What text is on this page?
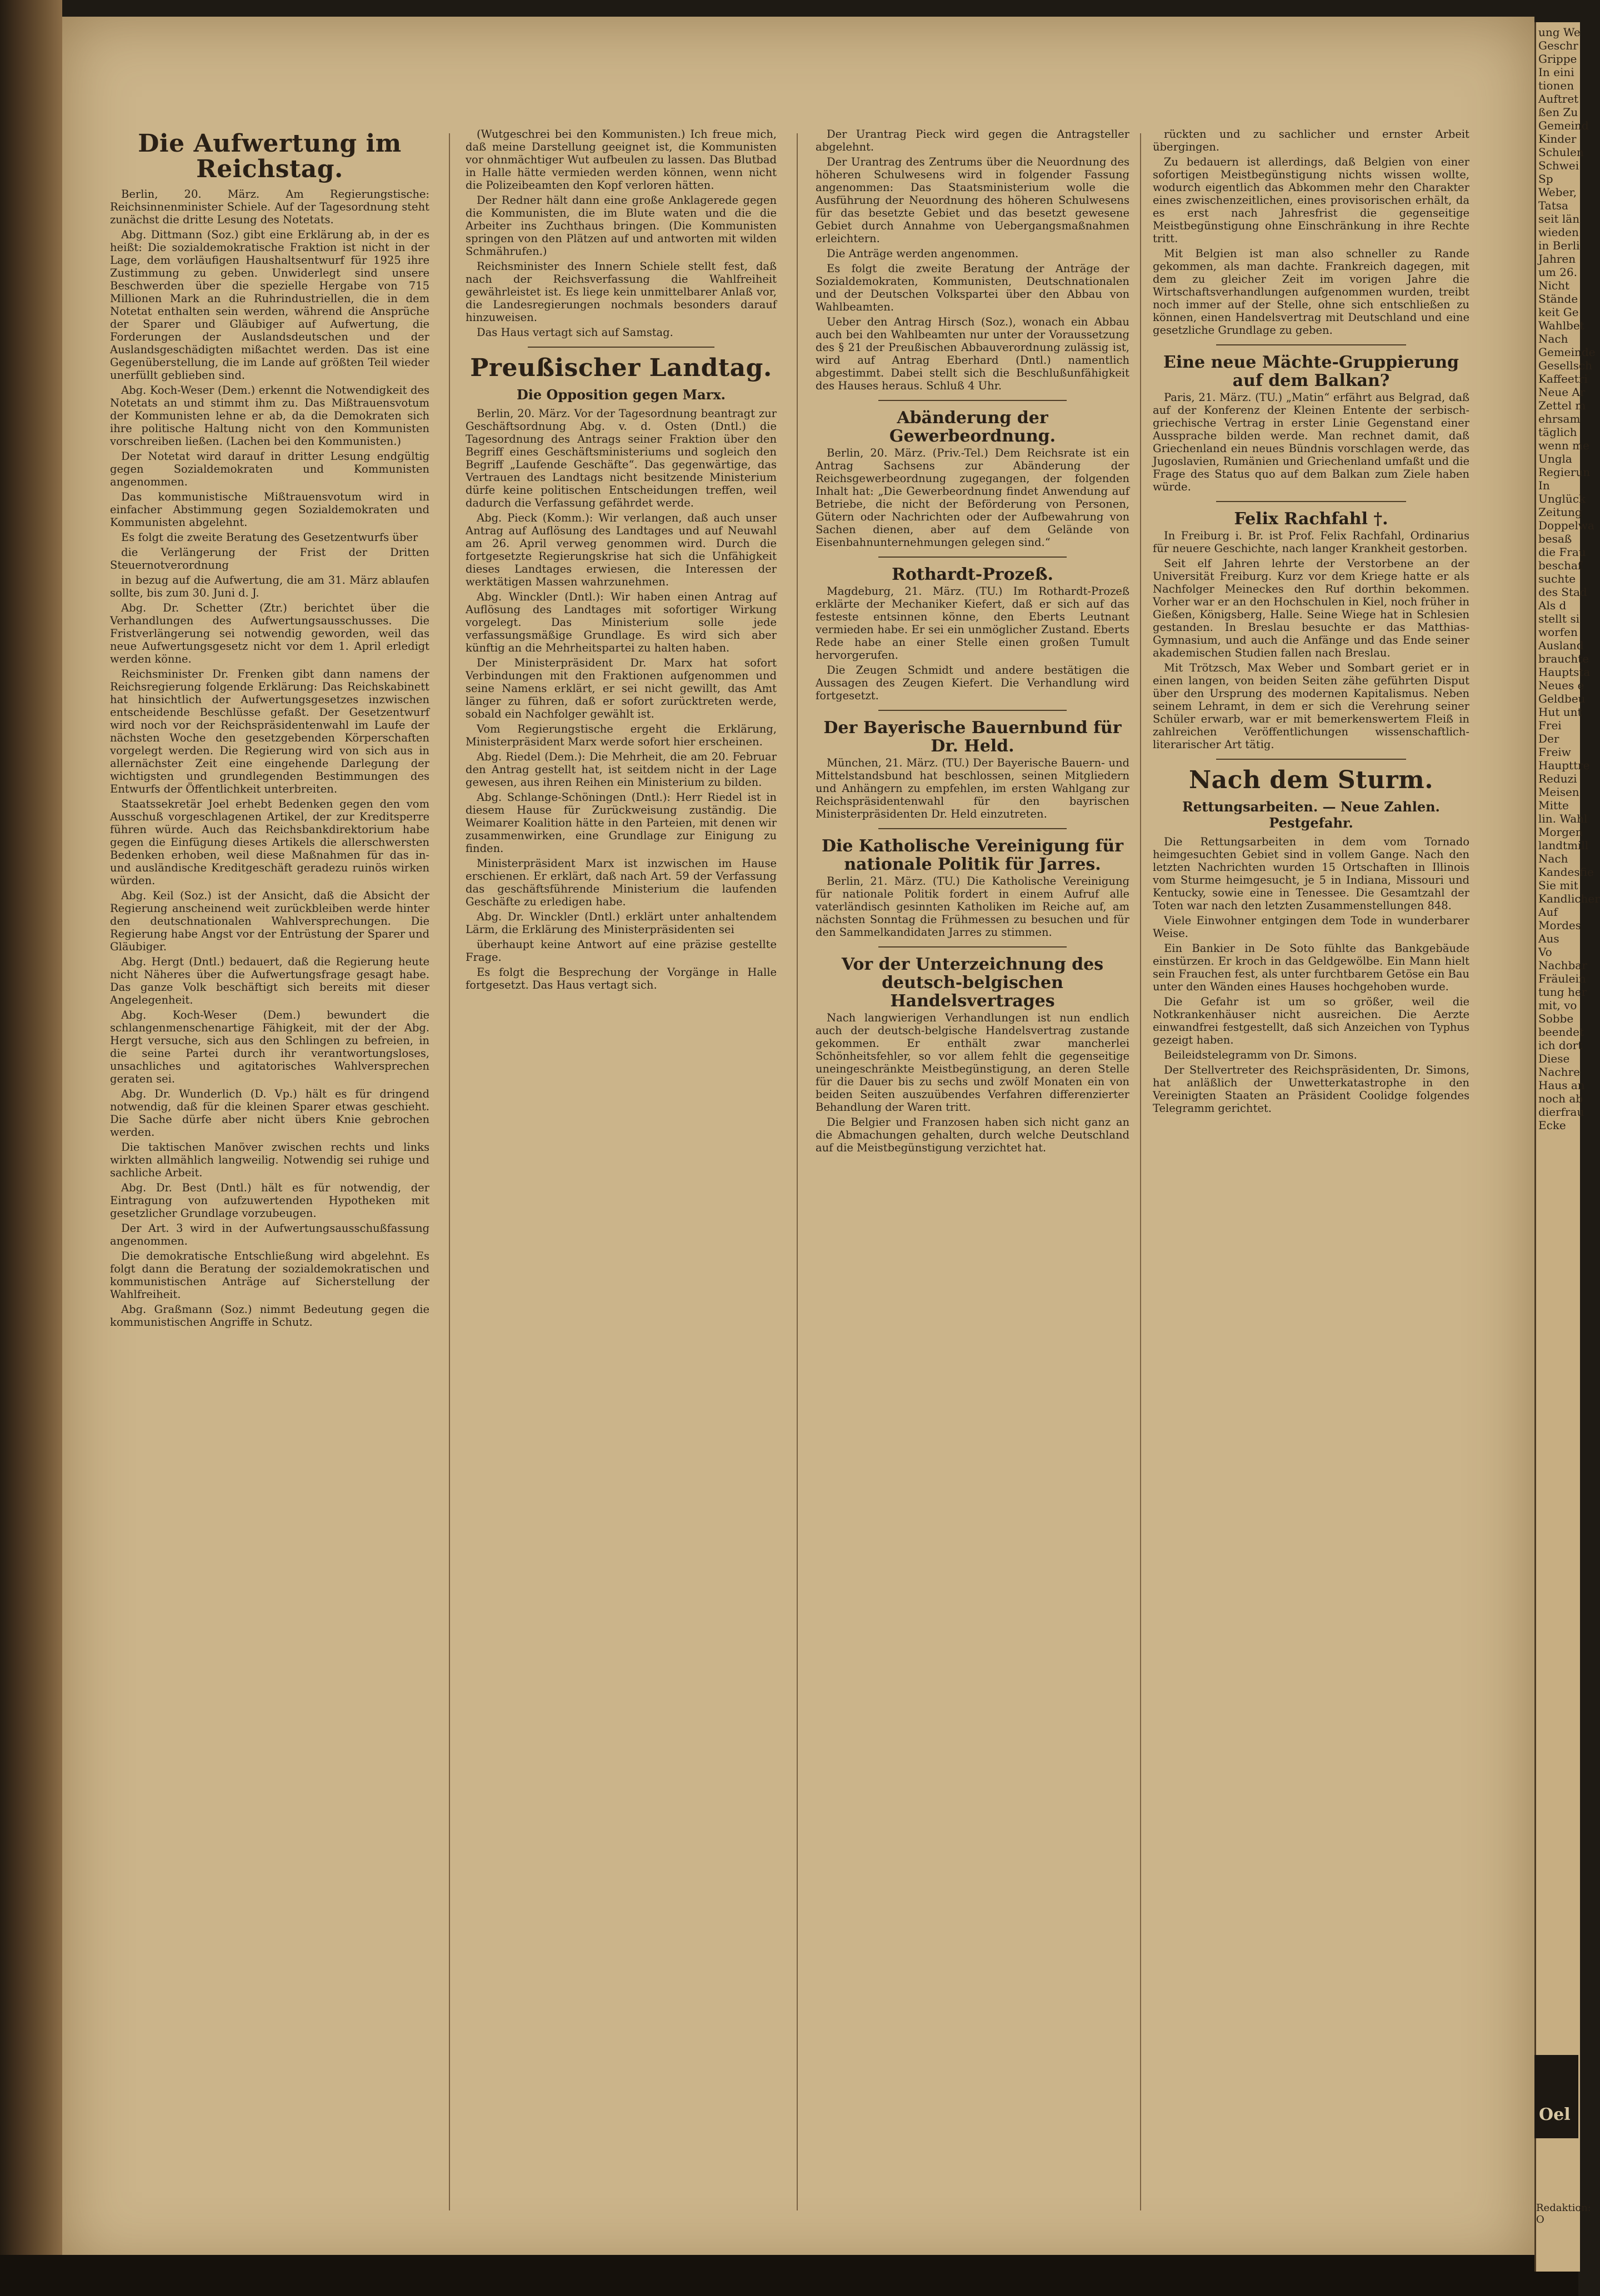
Die Aufwertung im Reichstag.

Berlin, 20. März. Am Regierungstische: Reichsinnenminister Schiele. Auf der Tagesordnung steht zunächst die dritte Lesung des Notetats.

Abg. Dittmann (Soz.) gibt eine Erklärung ab, in der es heißt: Die sozialdemokratische Fraktion ist nicht in der Lage, dem vorläufigen Haushaltsentwurf für 1925 ihre Zustimmung zu geben. Unwiderlegt sind unsere Beschwerden über die spezielle Hergabe von 715 Millionen Mark an die Ruhrindustriellen, die in dem Notetat enthalten sein werden, während die Ansprüche der Sparer und Gläubiger auf Aufwertung, die Forderungen der Auslandsdeutschen und der Auslandsgeschädigten mißachtet werden. Das ist eine Gegenüberstellung, die im Lande auf größten Teil wieder unerfüllt geblieben sind.

Abg. Koch-Weser (Dem.) erkennt die Notwendigkeit des Notetats an und stimmt ihm zu. Das Mißtrauensvotum der Kommunisten lehne er ab, da die Demokraten sich ihre politische Haltung nicht von den Kommunisten vorschreiben ließen. (Lachen bei den Kommunisten.)

Der Notetat wird darauf in dritter Lesung endgültig gegen Sozialdemokraten und Kommunisten angenommen.

Das kommunistische Mißtrauensvotum wird in einfacher Abstimmung gegen Sozialdemokraten und Kommunisten abgelehnt.

Es folgt die zweite Beratung des Gesetzentwurfs über

die Verlängerung der Frist der Dritten Steuernotverordnung

in bezug auf die Aufwertung, die am 31. März ablaufen sollte, bis zum 30. Juni d. J.

Abg. Dr. Schetter (Ztr.) berichtet über die Verhandlungen des Aufwertungsausschusses. Die Fristverlängerung sei notwendig geworden, weil das neue Aufwertungsgesetz nicht vor dem 1. April erledigt werden könne.

Reichsminister Dr. Frenken gibt dann namens der Reichsregierung folgende Erklärung: Das Reichskabinett hat hinsichtlich der Aufwertungsgesetzes inzwischen entscheidende Beschlüsse gefaßt. Der Gesetzentwurf wird noch vor der Reichspräsidentenwahl im Laufe der nächsten Woche den gesetzgebenden Körperschaften vorgelegt werden. Die Regierung wird von sich aus in allernächster Zeit eine eingehende Darlegung der wichtigsten und grundlegenden Bestimmungen des Entwurfs der Öffentlichkeit unterbreiten.

Staatssekretär Joel erhebt Bedenken gegen den vom Ausschuß vorgeschlagenen Artikel, der zur Kreditsperre führen würde. Auch das Reichsbankdirektorium habe gegen die Einfügung dieses Artikels die allerschwersten Bedenken erhoben, weil diese Maßnahmen für das in- und ausländische Kreditgeschäft geradezu ruinös wirken würden.

Abg. Keil (Soz.) ist der Ansicht, daß die Absicht der Regierung anscheinend weit zurückbleiben werde hinter den deutschnationalen Wahlversprechungen. Die Regierung habe Angst vor der Entrüstung der Sparer und Gläubiger.

Abg. Hergt (Dntl.) bedauert, daß die Regierung heute nicht Näheres über die Aufwertungsfrage gesagt habe. Das ganze Volk beschäftigt sich bereits mit dieser Angelegenheit.

Abg. Koch-Weser (Dem.) bewundert die schlangenmenschenartige Fähigkeit, mit der der Abg. Hergt versuche, sich aus den Schlingen zu befreien, in die seine Partei durch ihr verantwortungsloses, unsachliches und agitatorisches Wahlversprechen geraten sei.

Abg. Dr. Wunderlich (D. Vp.) hält es für dringend notwendig, daß für die kleinen Sparer etwas geschieht. Die Sache dürfe aber nicht übers Knie gebrochen werden.

Die taktischen Manöver zwischen rechts und links wirkten allmählich langweilig. Notwendig sei ruhige und sachliche Arbeit.

Abg. Dr. Best (Dntl.) hält es für notwendig, der Eintragung von aufzuwertenden Hypotheken mit gesetzlicher Grundlage vorzubeugen.

Der Art. 3 wird in der Aufwertungsausschußfassung angenommen.

Die demokratische Entschließung wird abgelehnt. Es folgt dann die Beratung der sozialdemokratischen und kommunistischen Anträge auf Sicherstellung der Wahlfreiheit.

Abg. Graßmann (Soz.) nimmt Bedeutung gegen die kommunistischen Angriffe in Schutz.

(Wutgeschrei bei den Kommunisten.) Ich freue mich, daß meine Darstellung geeignet ist, die Kommunisten vor ohnmächtiger Wut aufbeulen zu lassen. Das Blutbad in Halle hätte vermieden werden können, wenn nicht die Polizeibeamten den Kopf verloren hätten.

Der Redner hält dann eine große Anklagerede gegen die Kommunisten, die im Blute waten und die die Arbeiter ins Zuchthaus bringen. (Die Kommunisten springen von den Plätzen auf und antworten mit wilden Schmährufen.)

Reichsminister des Innern Schiele stellt fest, daß nach der Reichsverfassung die Wahlfreiheit gewährleistet ist. Es liege kein unmittelbarer Anlaß vor, die Landesregierungen nochmals besonders darauf hinzuweisen.

Das Haus vertagt sich auf Samstag.

Preußischer Landtag.
Die Opposition gegen Marx.

Berlin, 20. März. Vor der Tagesordnung beantragt zur Geschäftsordnung Abg. v. d. Osten (Dntl.) die Tagesordnung des Antrags seiner Fraktion über den Begriff eines Geschäftsministeriums und sogleich den Begriff „Laufende Geschäfte“. Das gegenwärtige, das Vertrauen des Landtags nicht besitzende Ministerium dürfe keine politischen Entscheidungen treffen, weil dadurch die Verfassung gefährdet werde.

Abg. Pieck (Komm.): Wir verlangen, daß auch unser Antrag auf Auflösung des Landtages und auf Neuwahl am 26. April verweg genommen wird. Durch die fortgesetzte Regierungskrise hat sich die Unfähigkeit dieses Landtages erwiesen, die Interessen der werktätigen Massen wahrzunehmen.

Abg. Winckler (Dntl.): Wir haben einen Antrag auf Auflösung des Landtages mit sofortiger Wirkung vorgelegt. Das Ministerium solle jede verfassungsmäßige Grundlage. Es wird sich aber künftig an die Mehrheitspartei zu halten haben.

Der Ministerpräsident Dr. Marx hat sofort Verbindungen mit den Fraktionen aufgenommen und seine Namens erklärt, er sei nicht gewillt, das Amt länger zu führen, daß er sofort zurücktreten werde, sobald ein Nachfolger gewählt ist.

Vom Regierungstische ergeht die Erklärung, Ministerpräsident Marx werde sofort hier erscheinen.

Abg. Riedel (Dem.): Die Mehrheit, die am 20. Februar den Antrag gestellt hat, ist seitdem nicht in der Lage gewesen, aus ihren Reihen ein Ministerium zu bilden.

Abg. Schlange-Schöningen (Dntl.): Herr Riedel ist in diesem Hause für Zurückweisung zuständig. Die Weimarer Koalition hätte in den Parteien, mit denen wir zusammenwirken, eine Grundlage zur Einigung zu finden.

Ministerpräsident Marx ist inzwischen im Hause erschienen. Er erklärt, daß nach Art. 59 der Verfassung das geschäftsführende Ministerium die laufenden Geschäfte zu erledigen habe.

Abg. Dr. Winckler (Dntl.) erklärt unter anhaltendem Lärm, die Erklärung des Ministerpräsidenten sei

überhaupt keine Antwort auf eine präzise gestellte Frage.

Es folgt die Besprechung der Vorgänge in Halle fortgesetzt. Das Haus vertagt sich.

Der Urantrag Pieck wird gegen die Antragsteller abgelehnt.

Der Urantrag des Zentrums über die Neuordnung des höheren Schulwesens wird in folgender Fassung angenommen: Das Staatsministerium wolle die Ausführung der Neuordnung des höheren Schulwesens für das besetzte Gebiet und das besetzt gewesene Gebiet durch Annahme von Uebergangsmaßnahmen erleichtern.

Die Anträge werden angenommen.

Es folgt die zweite Beratung der Anträge der Sozialdemokraten, Kommunisten, Deutschnationalen und der Deutschen Volkspartei über den Abbau von Wahlbeamten.

Ueber den Antrag Hirsch (Soz.), wonach ein Abbau auch bei den Wahlbeamten nur unter der Voraussetzung des § 21 der Preußischen Abbauverordnung zulässig ist, wird auf Antrag Eberhard (Dntl.) namentlich abgestimmt. Dabei stellt sich die Beschlußunfähigkeit des Hauses heraus. Schluß 4 Uhr.

Abänderung der Gewerbeordnung.

Berlin, 20. März. (Priv.-Tel.) Dem Reichsrate ist ein Antrag Sachsens zur Abänderung der Reichsgewerbeordnung zugegangen, der folgenden Inhalt hat: „Die Gewerbeordnung findet Anwendung auf Betriebe, die nicht der Beförderung von Personen, Gütern oder Nachrichten oder der Aufbewahrung von Sachen dienen, aber auf dem Gelände von Eisenbahnunternehmungen gelegen sind.“

Rothardt-Prozeß.

Magdeburg, 21. März. (TU.) Im Rothardt-Prozeß erklärte der Mechaniker Kiefert, daß er sich auf das festeste entsinnen könne, den Eberts Leutnant vermieden habe. Er sei ein unmöglicher Zustand. Eberts Rede habe an einer Stelle einen großen Tumult hervorgerufen.

Die Zeugen Schmidt und andere bestätigen die Aussagen des Zeugen Kiefert. Die Verhandlung wird fortgesetzt.

Der Bayerische Bauernbund für Dr. Held.

München, 21. März. (TU.) Der Bayerische Bauern- und Mittelstandsbund hat beschlossen, seinen Mitgliedern und Anhängern zu empfehlen, im ersten Wahlgang zur Reichspräsidentenwahl für den bayrischen Ministerpräsidenten Dr. Held einzutreten.

Die Katholische Vereinigung für nationale Politik für Jarres.

Berlin, 21. März. (TU.) Die Katholische Vereinigung für nationale Politik fordert in einem Aufruf alle vaterländisch gesinnten Katholiken im Reiche auf, am nächsten Sonntag die Frühmessen zu besuchen und für den Sammelkandidaten Jarres zu stimmen.

Vor der Unterzeichnung des deutsch-belgischen Handelsvertrages

Nach langwierigen Verhandlungen ist nun endlich auch der deutsch-belgische Handelsvertrag zustande gekommen. Er enthält zwar mancherlei Schönheitsfehler, so vor allem fehlt die gegenseitige uneingeschränkte Meistbegünstigung, an deren Stelle für die Dauer bis zu sechs und zwölf Monaten ein von beiden Seiten auszuübendes Verfahren differenzierter Behandlung der Waren tritt.

Die Belgier und Franzosen haben sich nicht ganz an die Abmachungen gehalten, durch welche Deutschland auf die Meistbegünstigung verzichtet hat.

rückten und zu sachlicher und ernster Arbeit übergingen.

Zu bedauern ist allerdings, daß Belgien von einer sofortigen Meistbegünstigung nichts wissen wollte, wodurch eigentlich das Abkommen mehr den Charakter eines zwischenzeitlichen, eines provisorischen erhält, da es erst nach Jahresfrist die gegenseitige Meistbegünstigung ohne Einschränkung in ihre Rechte tritt.

Mit Belgien ist man also schneller zu Rande gekommen, als man dachte. Frankreich dagegen, mit dem zu gleicher Zeit im vorigen Jahre die Wirtschaftsverhandlungen aufgenommen wurden, treibt noch immer auf der Stelle, ohne sich entschließen zu können, einen Handelsvertrag mit Deutschland und eine gesetzliche Grundlage zu geben.

Eine neue Mächte-Gruppierung auf dem Balkan?

Paris, 21. März. (TU.) „Matin“ erfährt aus Belgrad, daß auf der Konferenz der Kleinen Entente der serbisch-griechische Vertrag in erster Linie Gegenstand einer Aussprache bilden werde. Man rechnet damit, daß Griechenland ein neues Bündnis vorschlagen werde, das Jugoslavien, Rumänien und Griechenland umfaßt und die Frage des Status quo auf dem Balkan zum Ziele haben würde.

Felix Rachfahl †.

In Freiburg i. Br. ist Prof. Felix Rachfahl, Ordinarius für neuere Geschichte, nach langer Krankheit gestorben.

Seit elf Jahren lehrte der Verstorbene an der Universität Freiburg. Kurz vor dem Kriege hatte er als Nachfolger Meineckes den Ruf dorthin bekommen. Vorher war er an den Hochschulen in Kiel, noch früher in Gießen, Königsberg, Halle. Seine Wiege hat in Schlesien gestanden. In Breslau besuchte er das Matthias-Gymnasium, und auch die Anfänge und das Ende seiner akademischen Studien fallen nach Breslau.

Mit Trötzsch, Max Weber und Sombart geriet er in einen langen, von beiden Seiten zähe geführten Disput über den Ursprung des modernen Kapitalismus. Neben seinem Lehramt, in dem er sich die Verehrung seiner Schüler erwarb, war er mit bemerkenswertem Fleiß in zahlreichen Veröffentlichungen wissenschaftlich-literarischer Art tätig.

Nach dem Sturm.
Rettungsarbeiten. — Neue Zahlen. Pestgefahr.

Die Rettungsarbeiten in dem vom Tornado heimgesuchten Gebiet sind in vollem Gange. Nach den letzten Nachrichten wurden 15 Ortschaften in Illinois vom Sturme heimgesucht, je 5 in Indiana, Missouri und Kentucky, sowie eine in Tenessee. Die Gesamtzahl der Toten war nach den letzten Zusammenstellungen 848.

Viele Einwohner entgingen dem Tode in wunderbarer Weise.

Ein Bankier in De Soto fühlte das Bankgebäude einstürzen. Er kroch in das Geldgewölbe. Ein Mann hielt sein Frauchen fest, als unter furchtbarem Getöse ein Bau unter den Wänden eines Hauses hochgehoben wurde.

Die Gefahr ist um so größer, weil die Notkrankenhäuser nicht ausreichen. Die Aerzte einwandfrei festgestellt, daß sich Anzeichen von Typhus gezeigt haben.

Beileidstelegramm von Dr. Simons.

Der Stellvertreter des Reichspräsidenten, Dr. Simons, hat anläßlich der Unwetterkatastrophe in den Vereinigten Staaten an Präsident Coolidge folgendes Telegramm gerichtet.

ung We
Geschr
Grippe
In eini
tionen
Auftret
ßen Zu
Gemeind
Kinder
Schulen
Schwei
Sp
Weber,
Tatsa
seit län
wieden
in Berli
Jahren
um 26.
Nicht
Stände
keit Ge
Wahlbet
Nach
Gemeinde
Gesellsch
Kaffeetri
Neue Ar
Zettel m
ehrsam
täglich
wenn me
Ungla
Regierun
In
Unglück
Zeitung
Doppelwa
besaß
die Frau
beschaf
suchte
des Stad
Als d
stellt si
worfen
Ausland
brauchte
Hauptsta
Neues e
Geldbeu
Hut unt
Frei
Der
Freiw
Haupttre
Reduzi
Meisen
Mitte
lin. Wahl
Morgen
landtmill
Nach
Kandesfie
Sie mit
Kandlicher
Auf
Mordes
Aus
Vo
Nachbar
Fräulein
tung her
mit, vo
Sobbe
beendet
ich dort
Diese
Nachre
Haus an
noch ab
dierfrau
Ecke
Oel
Redaktion: O
